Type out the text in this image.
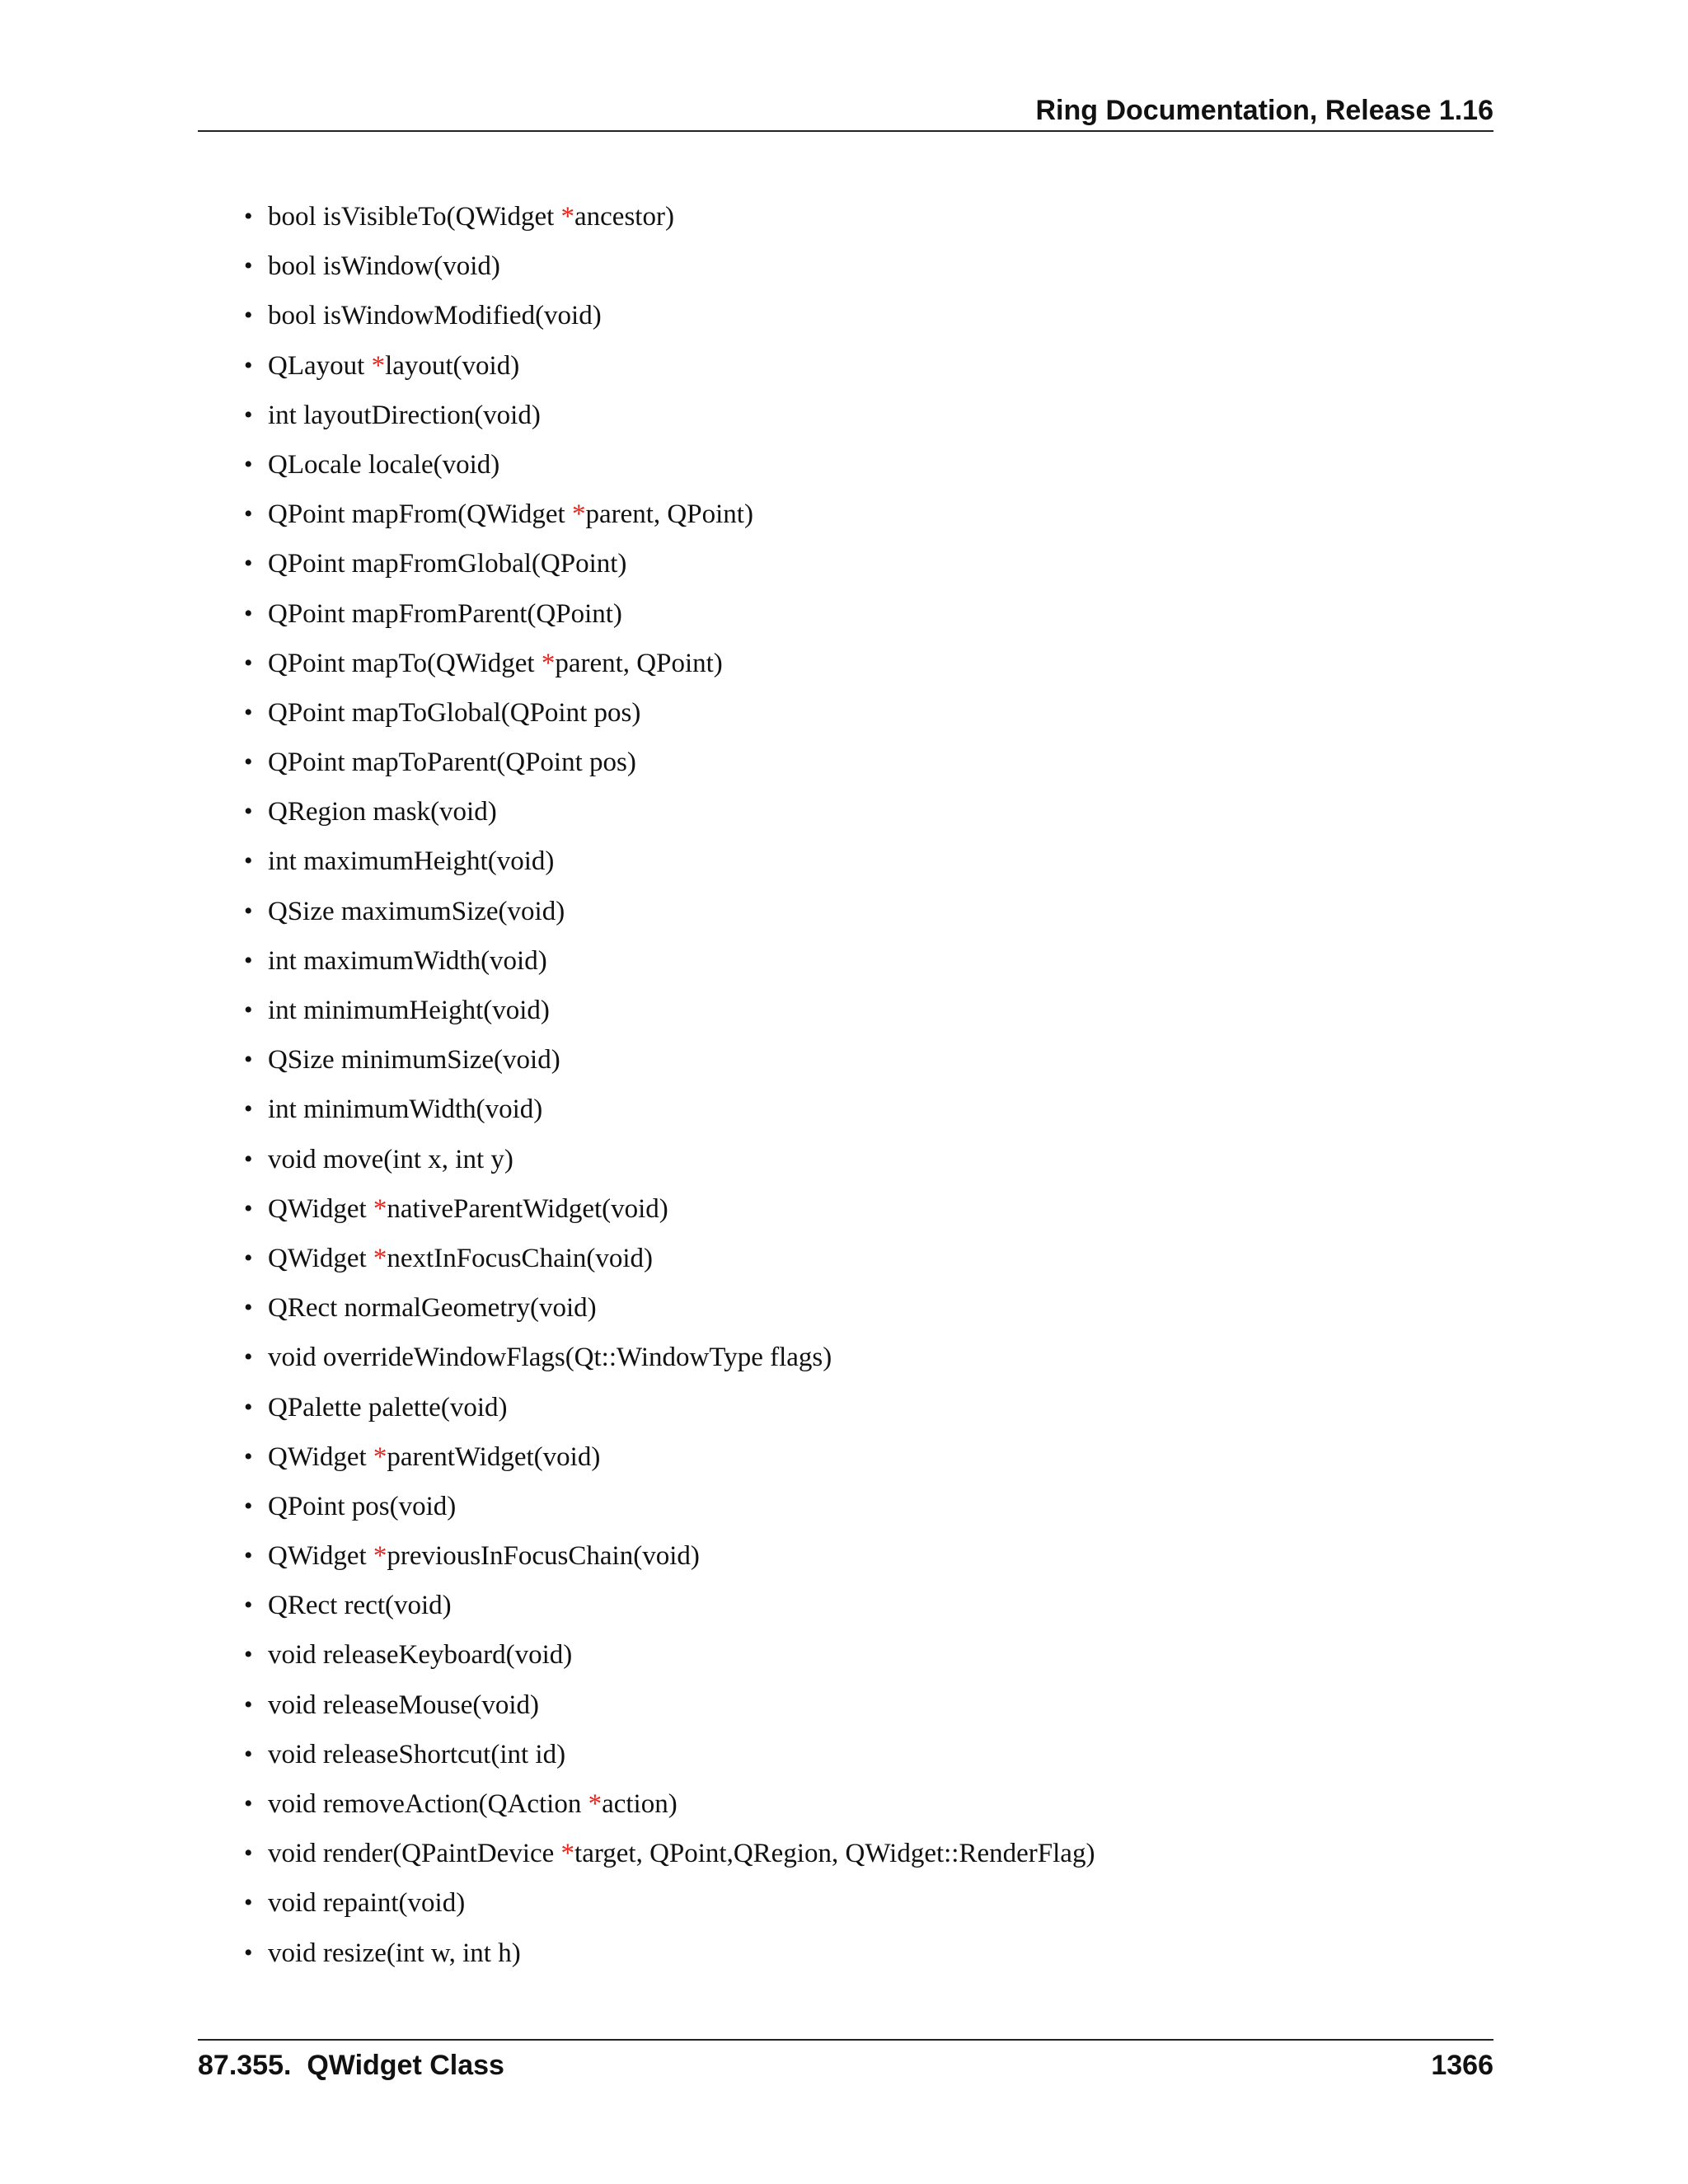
Ring Documentation, Release 1.16
• bool isVisibleTo(QWidget *ancestor)
• bool isWindow(void)
• bool isWindowModified(void)
• QLayout *layout(void)
• int layoutDirection(void)
• QLocale locale(void)
• QPoint mapFrom(QWidget *parent, QPoint)
• QPoint mapFromGlobal(QPoint)
• QPoint mapFromParent(QPoint)
• QPoint mapTo(QWidget *parent, QPoint)
• QPoint mapToGlobal(QPoint pos)
• QPoint mapToParent(QPoint pos)
• QRegion mask(void)
• int maximumHeight(void)
• QSize maximumSize(void)
• int maximumWidth(void)
• int minimumHeight(void)
• QSize minimumSize(void)
• int minimumWidth(void)
• void move(int x, int y)
• QWidget *nativeParentWidget(void)
• QWidget *nextInFocusChain(void)
• QRect normalGeometry(void)
• void overrideWindowFlags(Qt::WindowType flags)
• QPalette palette(void)
• QWidget *parentWidget(void)
• QPoint pos(void)
• QWidget *previousInFocusChain(void)
• QRect rect(void)
• void releaseKeyboard(void)
• void releaseMouse(void)
• void releaseShortcut(int id)
• void removeAction(QAction *action)
• void render(QPaintDevice *target, QPoint,QRegion, QWidget::RenderFlag)
• void repaint(void)
• void resize(int w, int h)
87.355.  QWidget Class	1366
